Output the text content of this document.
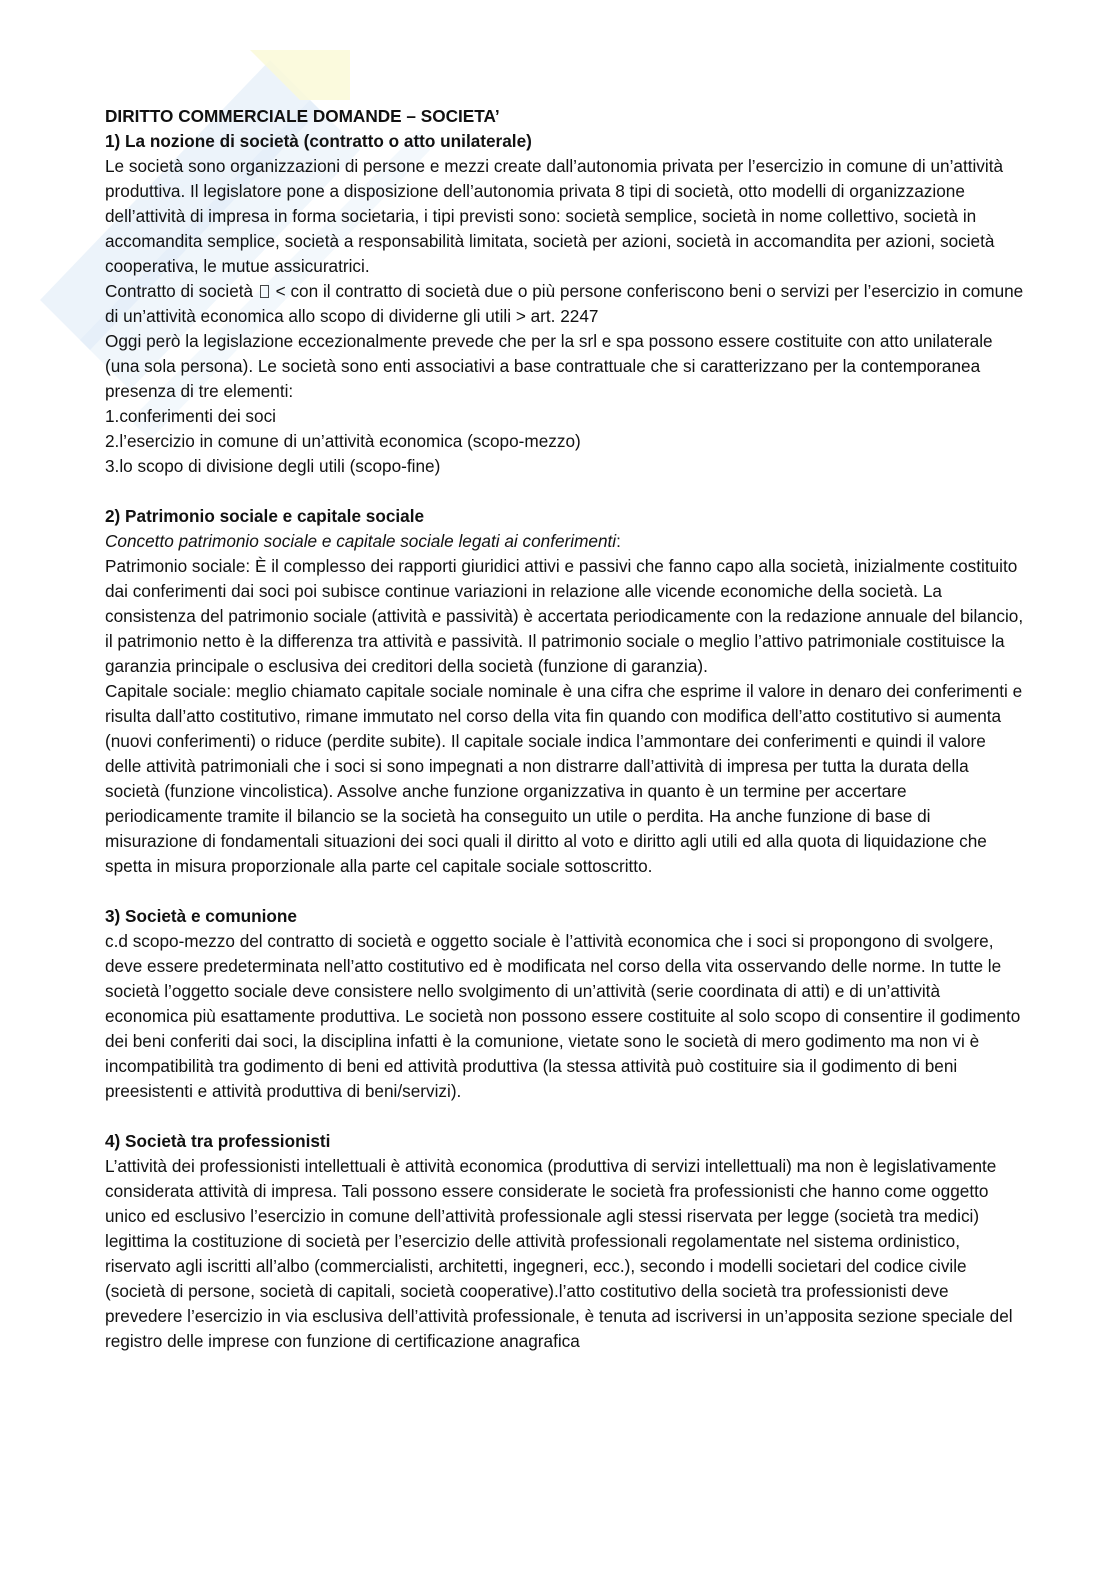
DIRITTO COMMERCIALE DOMANDE – SOCIETA’

1) La nozione di società (contratto o atto unilaterale)

Le società sono organizzazioni di persone e mezzi create dall’autonomia privata per l’esercizio in comune di un’attività produttiva. Il legislatore pone a disposizione dell’autonomia privata 8 tipi di società, otto modelli di organizzazione dell’attività di impresa in forma societaria, i tipi previsti sono: società semplice, società in nome collettivo, società in accomandita semplice, società a responsabilità limitata, società per azioni, società in accomandita per azioni, società cooperativa, le mutue assicuratrici.

Contratto di società < con il contratto di società due o più persone conferiscono beni o servizi per l’esercizio in comune di un’attività economica allo scopo di dividerne gli utili > art. 2247

Oggi però la legislazione eccezionalmente prevede che per la srl e spa possono essere costituite con atto unilaterale (una sola persona). Le società sono enti associativi a base contrattuale che si caratterizzano per la contemporanea presenza di tre elementi:

1.conferimenti dei soci

2.l’esercizio in comune di un’attività economica (scopo-mezzo)

3.lo scopo di divisione degli utili (scopo-fine)

2) Patrimonio sociale e capitale sociale

Concetto patrimonio sociale e capitale sociale legati ai conferimenti:

Patrimonio sociale: È il complesso dei rapporti giuridici attivi e passivi che fanno capo alla società, inizialmente costituito dai conferimenti dai soci poi subisce continue variazioni in relazione alle vicende economiche della società. La consistenza del patrimonio sociale (attività e passività) è accertata periodicamente con la redazione annuale del bilancio, il patrimonio netto è la differenza tra attività e passività. Il patrimonio sociale o meglio l’attivo patrimoniale costituisce la garanzia principale o esclusiva dei creditori della società (funzione di garanzia).

Capitale sociale: meglio chiamato capitale sociale nominale è una cifra che esprime il valore in denaro dei conferimenti e risulta dall’atto costitutivo, rimane immutato nel corso della vita fin quando con modifica dell’atto costitutivo si aumenta (nuovi conferimenti) o riduce (perdite subite). Il capitale sociale indica l’ammontare dei conferimenti e quindi il valore delle attività patrimoniali che i soci si sono impegnati a non distrarre dall’attività di impresa per tutta la durata della società (funzione vincolistica). Assolve anche funzione organizzativa in quanto è un termine per accertare periodicamente tramite il bilancio se la società ha conseguito un utile o perdita. Ha anche funzione di base di misurazione di fondamentali situazioni dei soci quali il diritto al voto e diritto agli utili ed alla quota di liquidazione che spetta in misura proporzionale alla parte cel capitale sociale sottoscritto.

3) Società e comunione

c.d scopo-mezzo del contratto di società e oggetto sociale è l’attività economica che i soci si propongono di svolgere, deve essere predeterminata nell’atto costitutivo ed è modificata nel corso della vita osservando delle norme. In tutte le società l’oggetto sociale deve consistere nello svolgimento di un’attività (serie coordinata di atti) e di un’attività economica più esattamente produttiva. Le società non possono essere costituite al solo scopo di consentire il godimento dei beni conferiti dai soci, la disciplina infatti è la comunione, vietate sono le società di mero godimento ma non vi è incompatibilità tra godimento di beni ed attività produttiva (la stessa attività può costituire sia il godimento di beni preesistenti e attività produttiva di beni/servizi).

4) Società tra professionisti

L’attività dei professionisti intellettuali è attività economica (produttiva di servizi intellettuali) ma non è legislativamente considerata attività di impresa. Tali possono essere considerate le società fra professionisti che hanno come oggetto unico ed esclusivo l’esercizio in comune dell’attività professionale agli stessi riservata per legge (società tra medici)

legittima la costituzione di società per l’esercizio delle attività professionali regolamentate nel sistema ordinistico, riservato agli iscritti all’albo (commercialisti, architetti, ingegneri, ecc.), secondo i modelli societari del codice civile (società di persone, società di capitali, società cooperative).l’atto costitutivo della società tra professionisti deve prevedere l’esercizio in via esclusiva dell’attività professionale, è tenuta ad iscriversi in un’apposita sezione speciale del registro delle imprese con funzione di certificazione anagrafica
